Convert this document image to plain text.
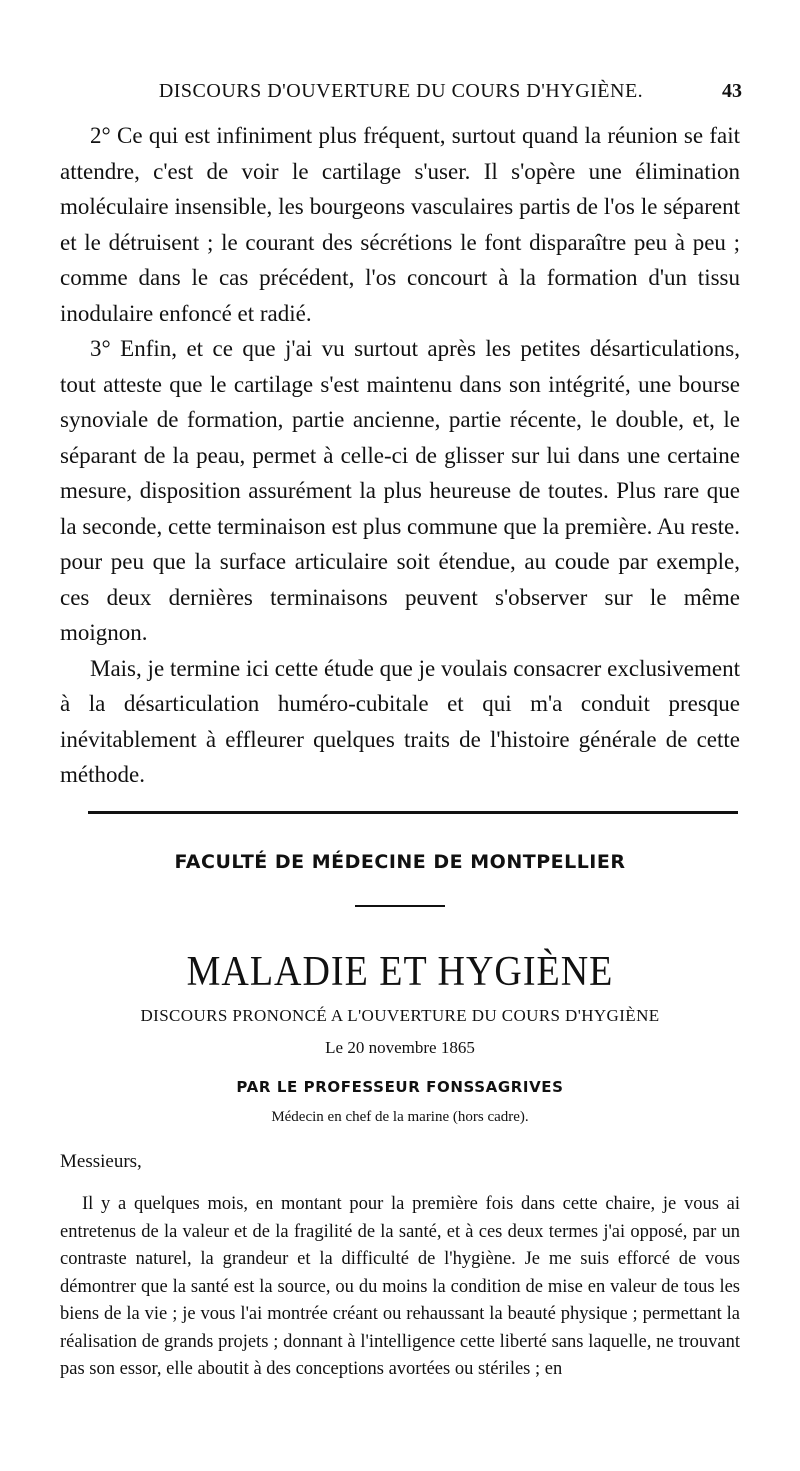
DISCOURS D'OUVERTURE DU COURS D'HYGIÈNE.	43

2° Ce qui est infiniment plus fréquent, surtout quand la réunion se fait attendre, c'est de voir le cartilage s'user. Il s'opère une élimination moléculaire insensible, les bourgeons vasculaires partis de l'os le séparent et le détruisent ; le courant des sécrétions le font disparaître peu à peu ; comme dans le cas précédent, l'os concourt à la formation d'un tissu inodulaire enfoncé et radié.

3° Enfin, et ce que j'ai vu surtout après les petites désarticulations, tout atteste que le cartilage s'est maintenu dans son intégrité, une bourse synoviale de formation, partie ancienne, partie récente, le double, et, le séparant de la peau, permet à celle-ci de glisser sur lui dans une certaine mesure, disposition assurément la plus heureuse de toutes. Plus rare que la seconde, cette terminaison est plus commune que la première. Au reste. pour peu que la surface articulaire soit étendue, au coude par exemple, ces deux dernières terminaisons peuvent s'observer sur le même moignon.

Mais, je termine ici cette étude que je voulais consacrer exclusivement à la désarticulation huméro-cubitale et qui m'a conduit presque inévitablement à effleurer quelques traits de l'histoire générale de cette méthode.

FACULTÉ DE MÉDECINE DE MONTPELLIER
MALADIE ET HYGIÈNE
DISCOURS PRONONCÉ A L'OUVERTURE DU COURS D'HYGIÈNE
Le 20 novembre 1865
PAR LE PROFESSEUR FONSSAGRIVES
Médecin en chef de la marine (hors cadre).
Messieurs,

Il y a quelques mois, en montant pour la première fois dans cette chaire, je vous ai entretenus de la valeur et de la fragilité de la santé, et à ces deux termes j'ai opposé, par un contraste naturel, la grandeur et la difficulté de l'hygiène. Je me suis efforcé de vous démontrer que la santé est la source, ou du moins la condition de mise en valeur de tous les biens de la vie ; je vous l'ai montrée créant ou rehaussant la beauté physique ; permettant la réalisation de grands projets ; donnant à l'intelligence cette liberté sans laquelle, ne trouvant pas son essor, elle aboutit à des conceptions avortées ou stériles ; en
